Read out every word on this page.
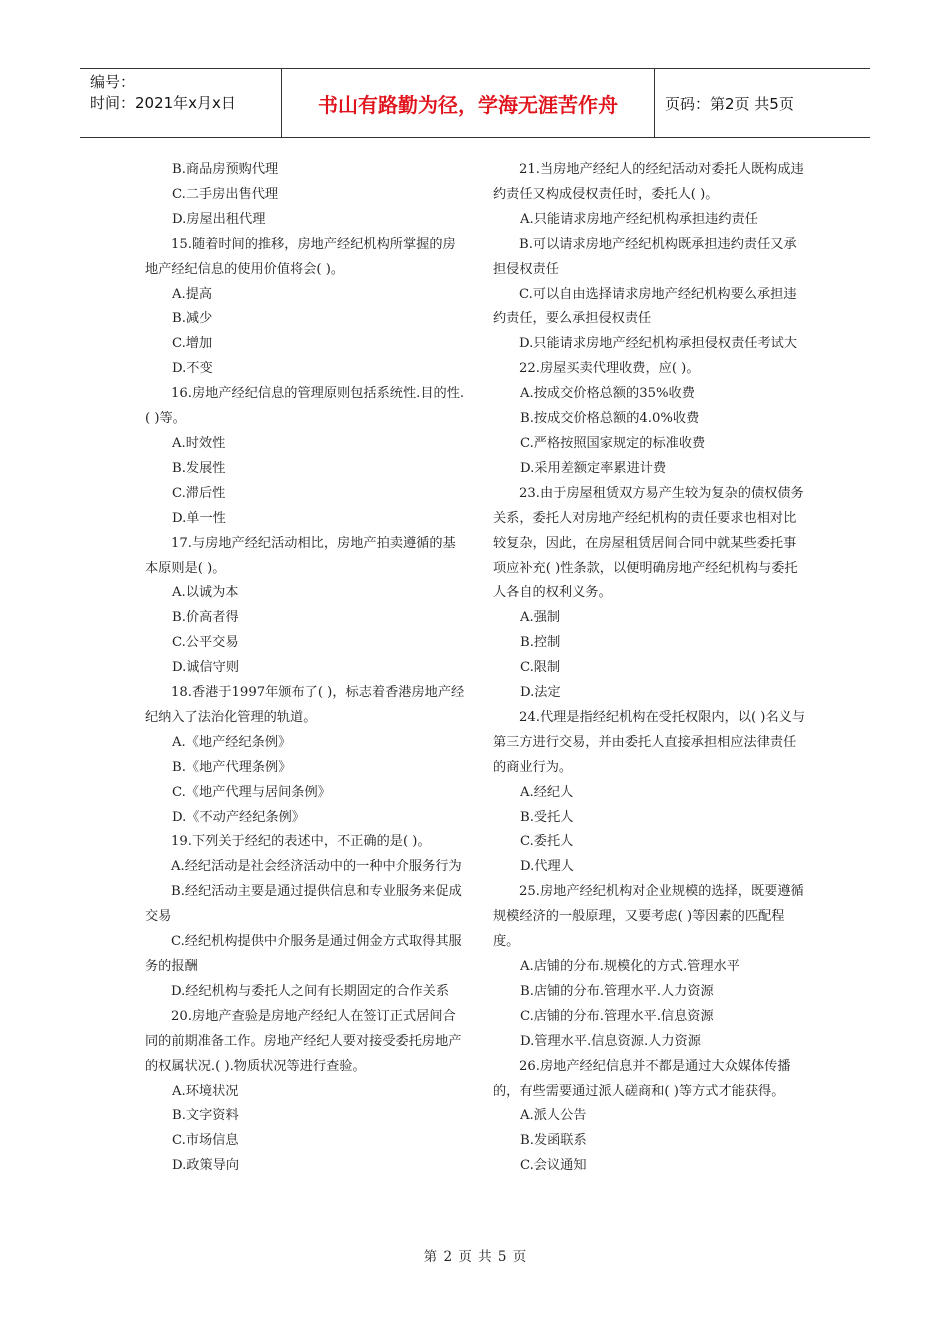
编号：
时间：2021年x月x日	书山有路勤为径，学海无涯苦作舟	页码：第2页 共5页

B.商品房预购代理

C.二手房出售代理

D.房屋出租代理

15.随着时间的推移，房地产经纪机构所掌握的房地产经纪信息的使用价值将会( )。

A.提高

B.减少

C.增加

D.不变

16.房地产经纪信息的管理原则包括系统性.目的性.( )等。

A.时效性

B.发展性

C.滞后性

D.单一性

17.与房地产经纪活动相比，房地产拍卖遵循的基本原则是( )。

A.以诚为本

B.价高者得

C.公平交易

D.诚信守则

18.香港于1997年颁布了( )，标志着香港房地产经纪纳入了法治化管理的轨道。

A.《地产经纪条例》

B.《地产代理条例》

C.《地产代理与居间条例》

D.《不动产经纪条例》

19.下列关于经纪的表述中，不正确的是( )。

A.经纪活动是社会经济活动中的一种中介服务行为

B.经纪活动主要是通过提供信息和专业服务来促成交易

C.经纪机构提供中介服务是通过佣金方式取得其服务的报酬

D.经纪机构与委托人之间有长期固定的合作关系

20.房地产查验是房地产经纪人在签订正式居间合同的前期准备工作。房地产经纪人要对接受委托房地产的权属状况.( ).物质状况等进行查验。

A.环境状况

B.文字资料

C.市场信息

D.政策导向

21.当房地产经纪人的经纪活动对委托人既构成违约责任又构成侵权责任时，委托人( )。

A.只能请求房地产经纪机构承担违约责任

B.可以请求房地产经纪机构既承担违约责任又承担侵权责任

C.可以自由选择请求房地产经纪机构要么承担违约责任，要么承担侵权责任

D.只能请求房地产经纪机构承担侵权责任考试大

22.房屋买卖代理收费，应( )。

A.按成交价格总额的35%收费

B.按成交价格总额的4.0%收费

C.严格按照国家规定的标准收费

D.采用差额定率累进计费

23.由于房屋租赁双方易产生较为复杂的债权债务关系，委托人对房地产经纪机构的责任要求也相对比较复杂，因此，在房屋租赁居间合同中就某些委托事项应补充( )性条款，以便明确房地产经纪机构与委托人各自的权利义务。

A.强制

B.控制

C.限制

D.法定

24.代理是指经纪机构在受托权限内，以( )名义与第三方进行交易，并由委托人直接承担相应法律责任的商业行为。

A.经纪人

B.受托人

C.委托人

D.代理人

25.房地产经纪机构对企业规模的选择，既要遵循规模经济的一般原理，又要考虑( )等因素的匹配程度。

A.店铺的分布.规模化的方式.管理水平

B.店铺的分布.管理水平.人力资源

C.店铺的分布.管理水平.信息资源

D.管理水平.信息资源.人力资源

26.房地产经纪信息并不都是通过大众媒体传播的，有些需要通过派人磋商和( )等方式才能获得。

A.派人公告

B.发函联系

C.会议通知

第 2 页 共 5 页
